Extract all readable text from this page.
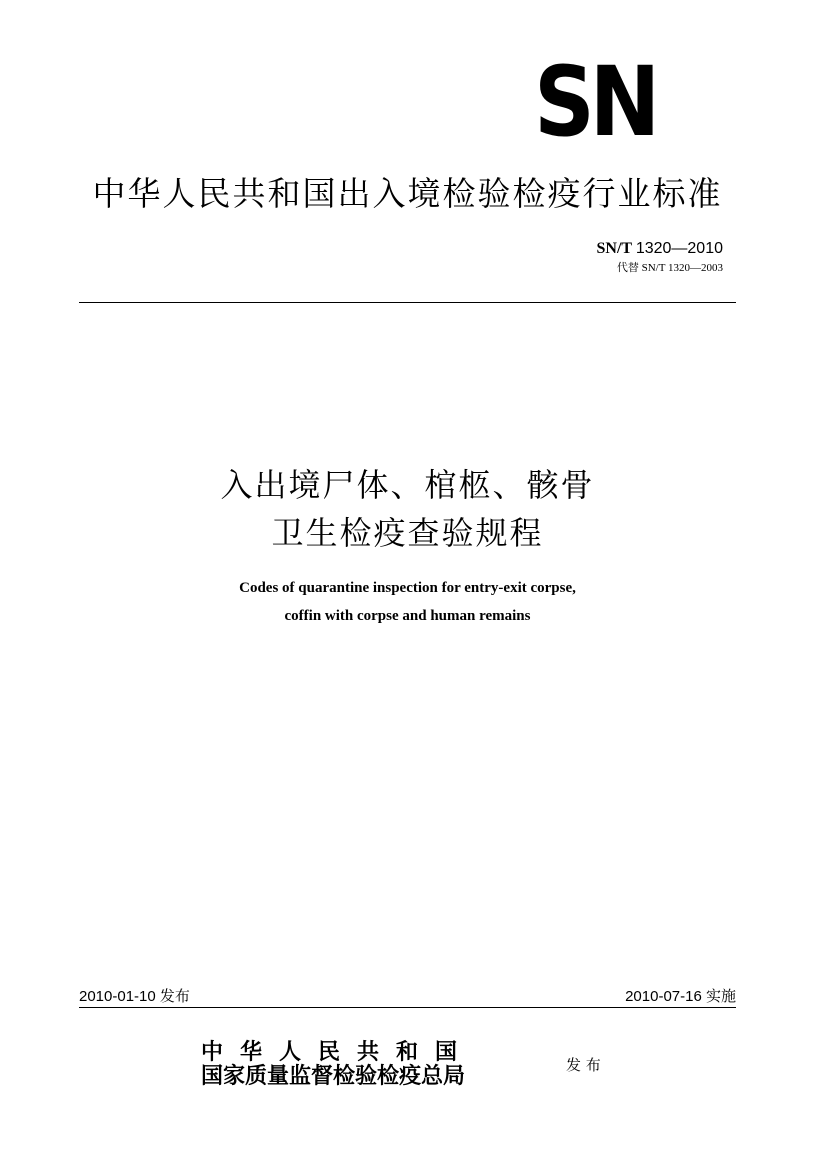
SN
中华人民共和国出入境检验检疫行业标准
SN/T 1320—2010
代替 SN/T 1320—2003
入出境尸体、棺柩、骸骨
卫生检疫查验规程
Codes of quarantine inspection for entry-exit corpse,
coffin with corpse and human remains
2010-01-10 发布	2010-07-16 实施
中华人民共和国
国家质量监督检验检疫总局	发 布
